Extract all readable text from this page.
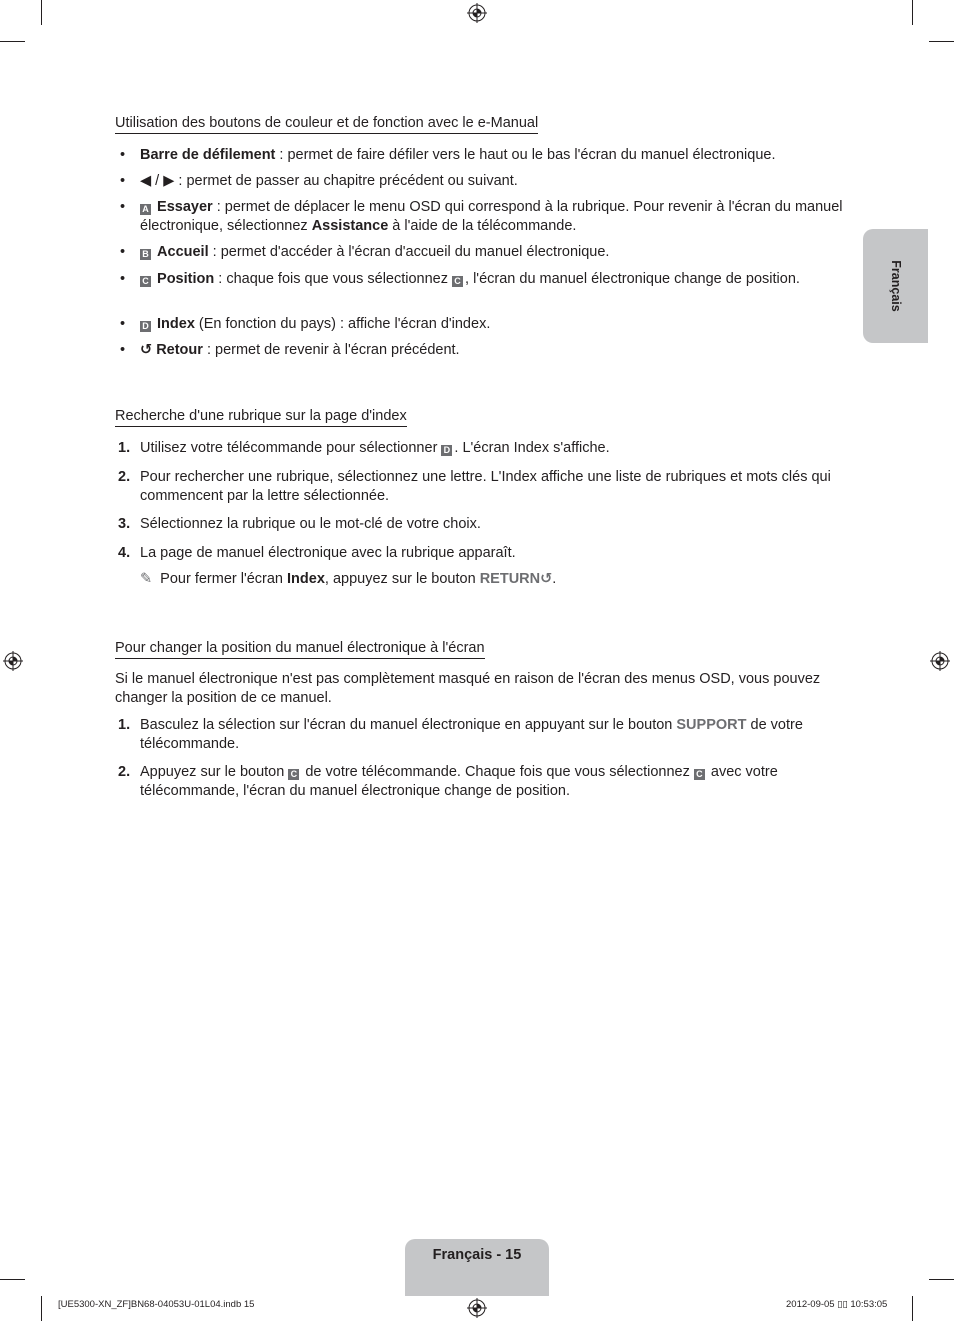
Français
Utilisation des boutons de couleur et de fonction avec le e-Manual
• Barre de défilement : permet de faire défiler vers le haut ou le bas l'écran du manuel électronique.
• ◀ / ▶ : permet de passer au chapitre précédent ou suivant.
• A Essayer : permet de déplacer le menu OSD qui correspond à la rubrique. Pour revenir à l'écran du manuel électronique, sélectionnez Assistance à l'aide de la télécommande.
• B Accueil : permet d'accéder à l'écran d'accueil du manuel électronique.
• C Position : chaque fois que vous sélectionnez C , l'écran du manuel électronique change de position.
• D Index (En fonction du pays) : affiche l'écran d'index.
• ↺ Retour : permet de revenir à l'écran précédent.
Recherche d'une rubrique sur la page d'index
1. Utilisez votre télécommande pour sélectionner D . L'écran Index s'affiche.
2. Pour rechercher une rubrique, sélectionnez une lettre. L'Index affiche une liste de rubriques et mots clés qui commencent par la lettre sélectionnée.
3. Sélectionnez la rubrique ou le mot-clé de votre choix.
4. La page de manuel électronique avec la rubrique apparaît.
✎ Pour fermer l'écran Index, appuyez sur le bouton RETURN↺.
Pour changer la position du manuel électronique à l'écran
Si le manuel électronique n'est pas complètement masqué en raison de l'écran des menus OSD, vous pouvez changer la position de ce manuel.
1. Basculez la sélection sur l'écran du manuel électronique en appuyant sur le bouton SUPPORT de votre télécommande.
2. Appuyez sur le bouton C de votre télécommande. Chaque fois que vous sélectionnez C avec votre télécommande, l'écran du manuel électronique change de position.
Français - 15
[UE5300-XN_ZF]BN68-04053U-01L04.indb 15	2012-09-05 ▯▯ 10:53:05
